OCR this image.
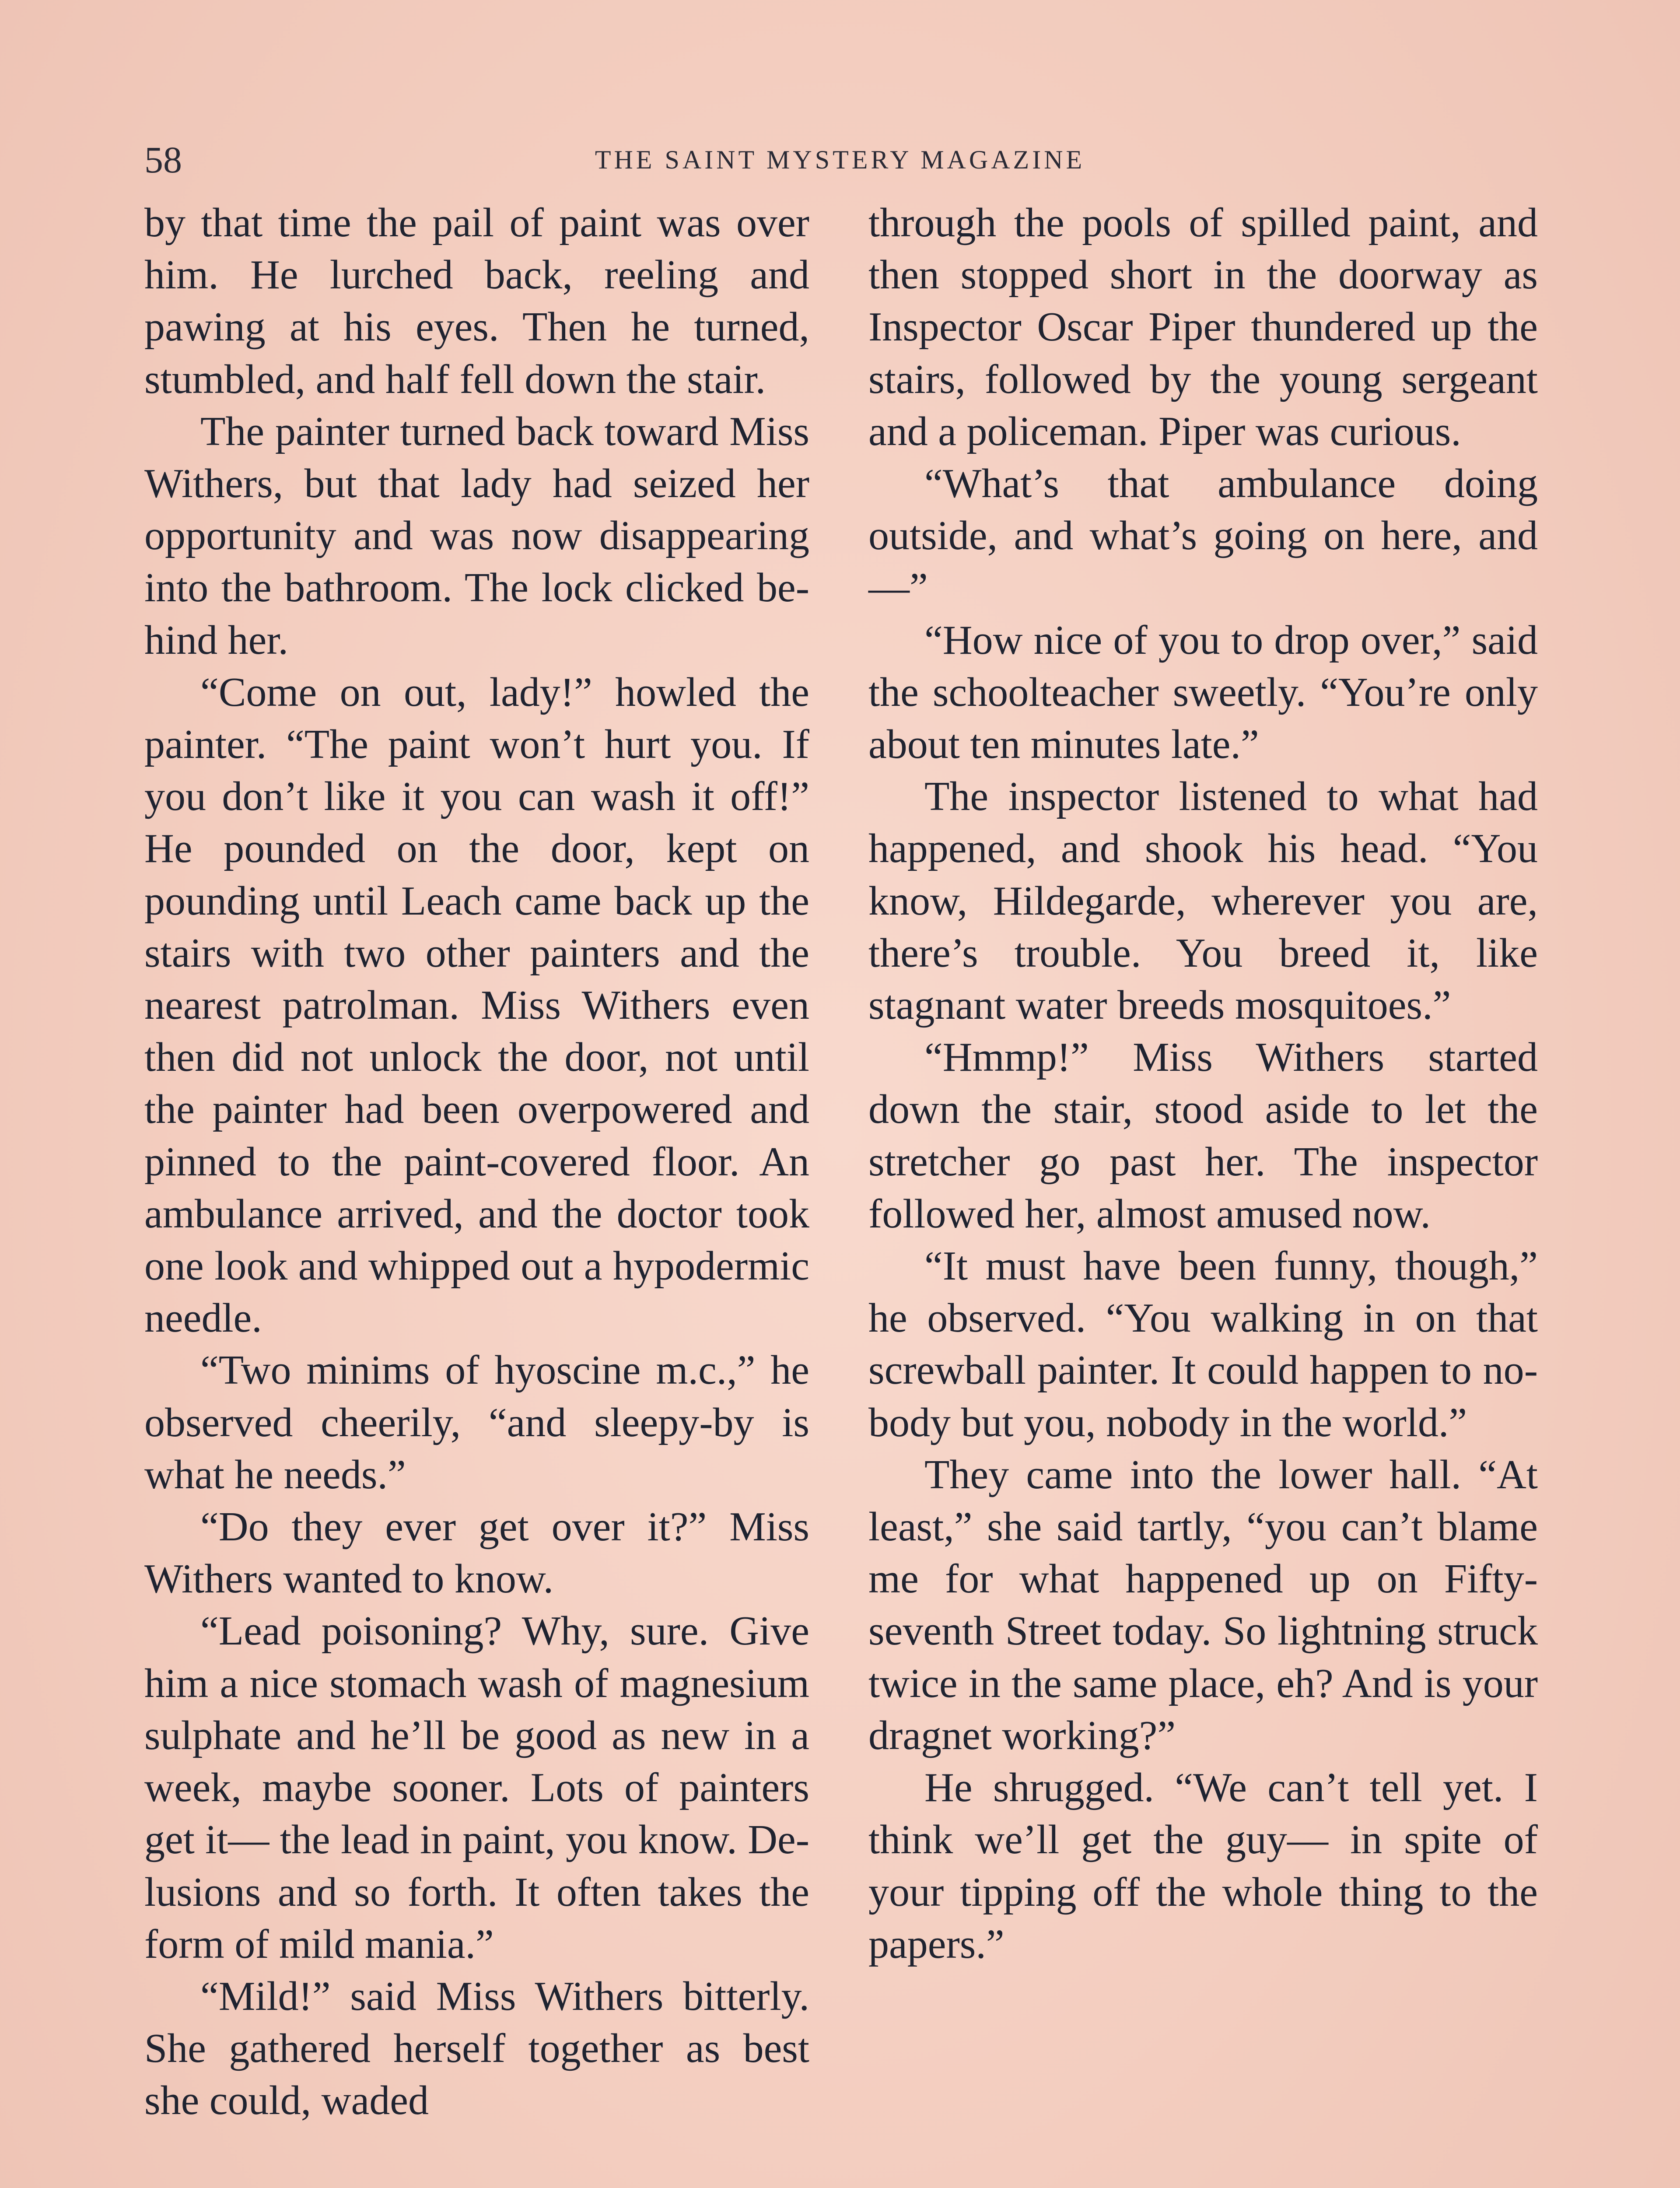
58	THE SAINT MYSTERY MAGAZINE

by that time the pail of paint was over him. He lurched back, reeling and pawing at his eyes. Then he turned, stumbled, and half fell down the stair.

The painter turned back toward Miss Withers, but that lady had seized her opportunity and was now disappearing into the bathroom. The lock clicked behind her.

“Come on out, lady!” howled the painter. “The paint won’t hurt you. If you don’t like it you can wash it off!” He pounded on the door, kept on pounding until Leach came back up the stairs with two other painters and the nearest patrolman. Miss Withers even then did not unlock the door, not until the painter had been overpowered and pinned to the paint-covered floor. An ambulance arrived, and the doctor took one look and whipped out a hypodermic needle.

“Two minims of hyoscine m.c.,” he observed cheerily, “and sleepy-by is what he needs.”

“Do they ever get over it?” Miss Withers wanted to know.

“Lead poisoning? Why, sure. Give him a nice stomach wash of magnesium sulphate and he’ll be good as new in a week, maybe sooner. Lots of painters get it— the lead in paint, you know. Delusions and so forth. It often takes the form of mild mania.”

“Mild!” said Miss Withers bitterly. She gathered herself together as best she could, waded

through the pools of spilled paint, and then stopped short in the doorway as Inspector Oscar Piper thundered up the stairs, followed by the young sergeant and a policeman. Piper was curious.

“What’s that ambulance doing outside, and what’s going on here, and—”

“How nice of you to drop over,” said the schoolteacher sweetly. “You’re only about ten minutes late.”

The inspector listened to what had happened, and shook his head. “You know, Hildegarde, wherever you are, there’s trouble. You breed it, like stagnant water breeds mosquitoes.”

“Hmmp!” Miss Withers started down the stair, stood aside to let the stretcher go past her. The inspector followed her, almost amused now.

“It must have been funny, though,” he observed. “You walking in on that screwball painter. It could happen to nobody but you, nobody in the world.”

They came into the lower hall. “At least,” she said tartly, “you can’t blame me for what happened up on Fifty-seventh Street today. So lightning struck twice in the same place, eh? And is your dragnet working?”

He shrugged. “We can’t tell yet. I think we’ll get the guy— in spite of your tipping off the whole thing to the papers.”
